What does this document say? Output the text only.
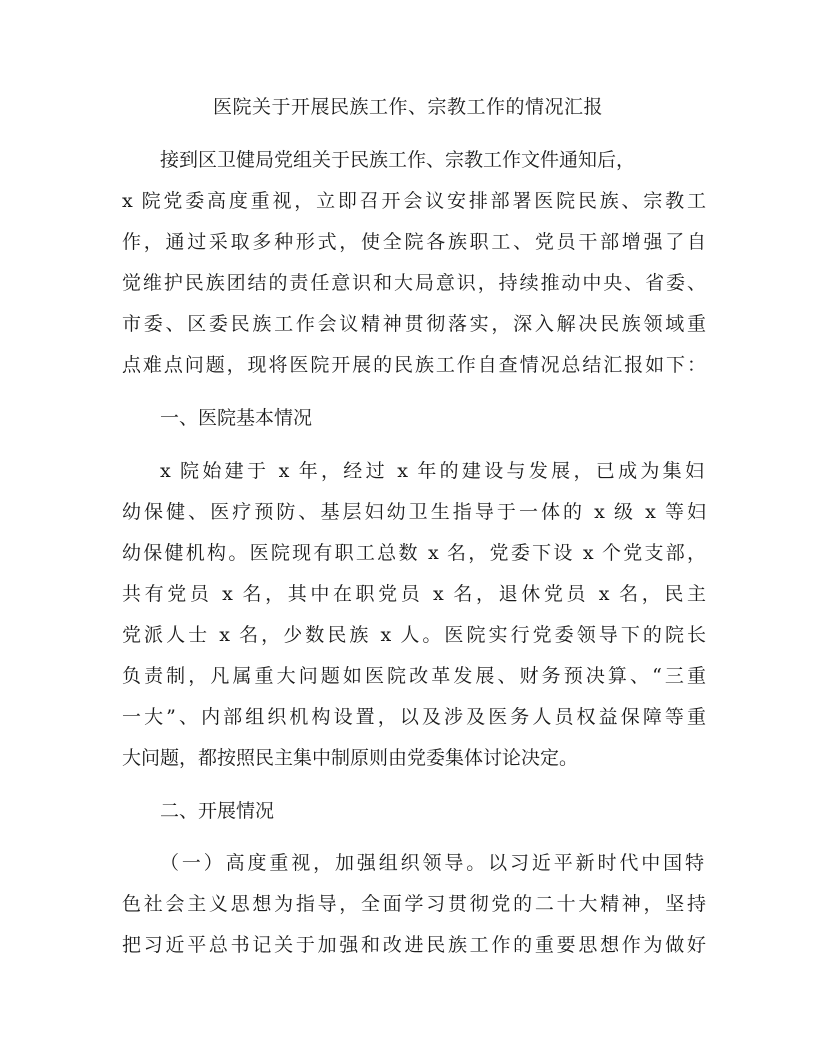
医院关于开展民族工作、宗教工作的情况汇报
接到区卫健局党组关于民族工作、宗教工作文件通知后，
x 院党委高度重视，立即召开会议安排部署医院民族、宗教工
作，通过采取多种形式，使全院各族职工、党员干部增强了自
觉维护民族团结的责任意识和大局意识，持续推动中央、省委、
市委、区委民族工作会议精神贯彻落实，深入解决民族领域重
点难点问题，现将医院开展的民族工作自查情况总结汇报如下：
一、医院基本情况
x 院始建于 x 年，经过 x 年的建设与发展，已成为集妇
幼保健、医疗预防、基层妇幼卫生指导于一体的 x 级 x 等妇
幼保健机构。医院现有职工总数 x 名，党委下设 x 个党支部，
共有党员 x 名，其中在职党员 x 名，退休党员 x 名，民主
党派人士 x 名，少数民族 x 人。医院实行党委领导下的院长
负责制，凡属重大问题如医院改革发展、财务预决算、“三重
一大”、内部组织机构设置，以及涉及医务人员权益保障等重
大问题，都按照民主集中制原则由党委集体讨论决定。
二、开展情况
（一）高度重视，加强组织领导。以习近平新时代中国特
色社会主义思想为指导，全面学习贯彻党的二十大精神，坚持
把习近平总书记关于加强和改进民族工作的重要思想作为做好
